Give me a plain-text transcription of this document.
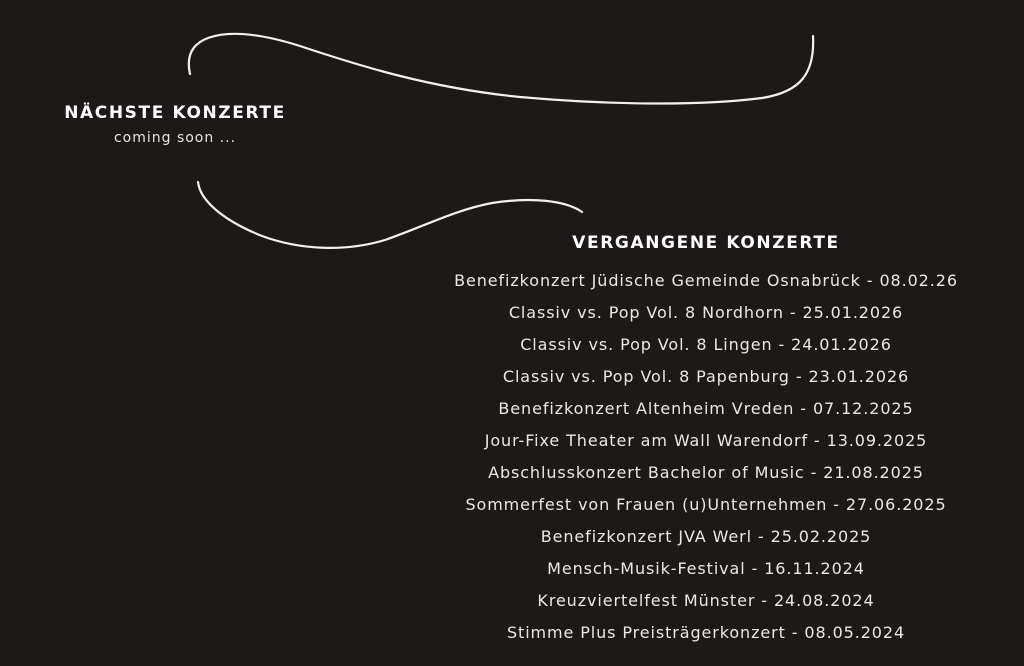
NÄCHSTE KONZERTE
coming soon ...
VERGANGENE KONZERTE
Benefizkonzert Jüdische Gemeinde Osnabrück - 08.02.26
Classiv vs. Pop Vol. 8 Nordhorn - 25.01.2026
Classiv vs. Pop Vol. 8 Lingen - 24.01.2026
Classiv vs. Pop Vol. 8 Papenburg - 23.01.2026
Benefizkonzert Altenheim Vreden - 07.12.2025
Jour-Fixe Theater am Wall Warendorf - 13.09.2025
Abschlusskonzert Bachelor of Music - 21.08.2025
Sommerfest von Frauen (u)Unternehmen - 27.06.2025
Benefizkonzert JVA Werl - 25.02.2025
Mensch-Musik-Festival - 16.11.2024
Kreuzviertelfest Münster - 24.08.2024
Stimme Plus Preisträgerkonzert - 08.05.2024
